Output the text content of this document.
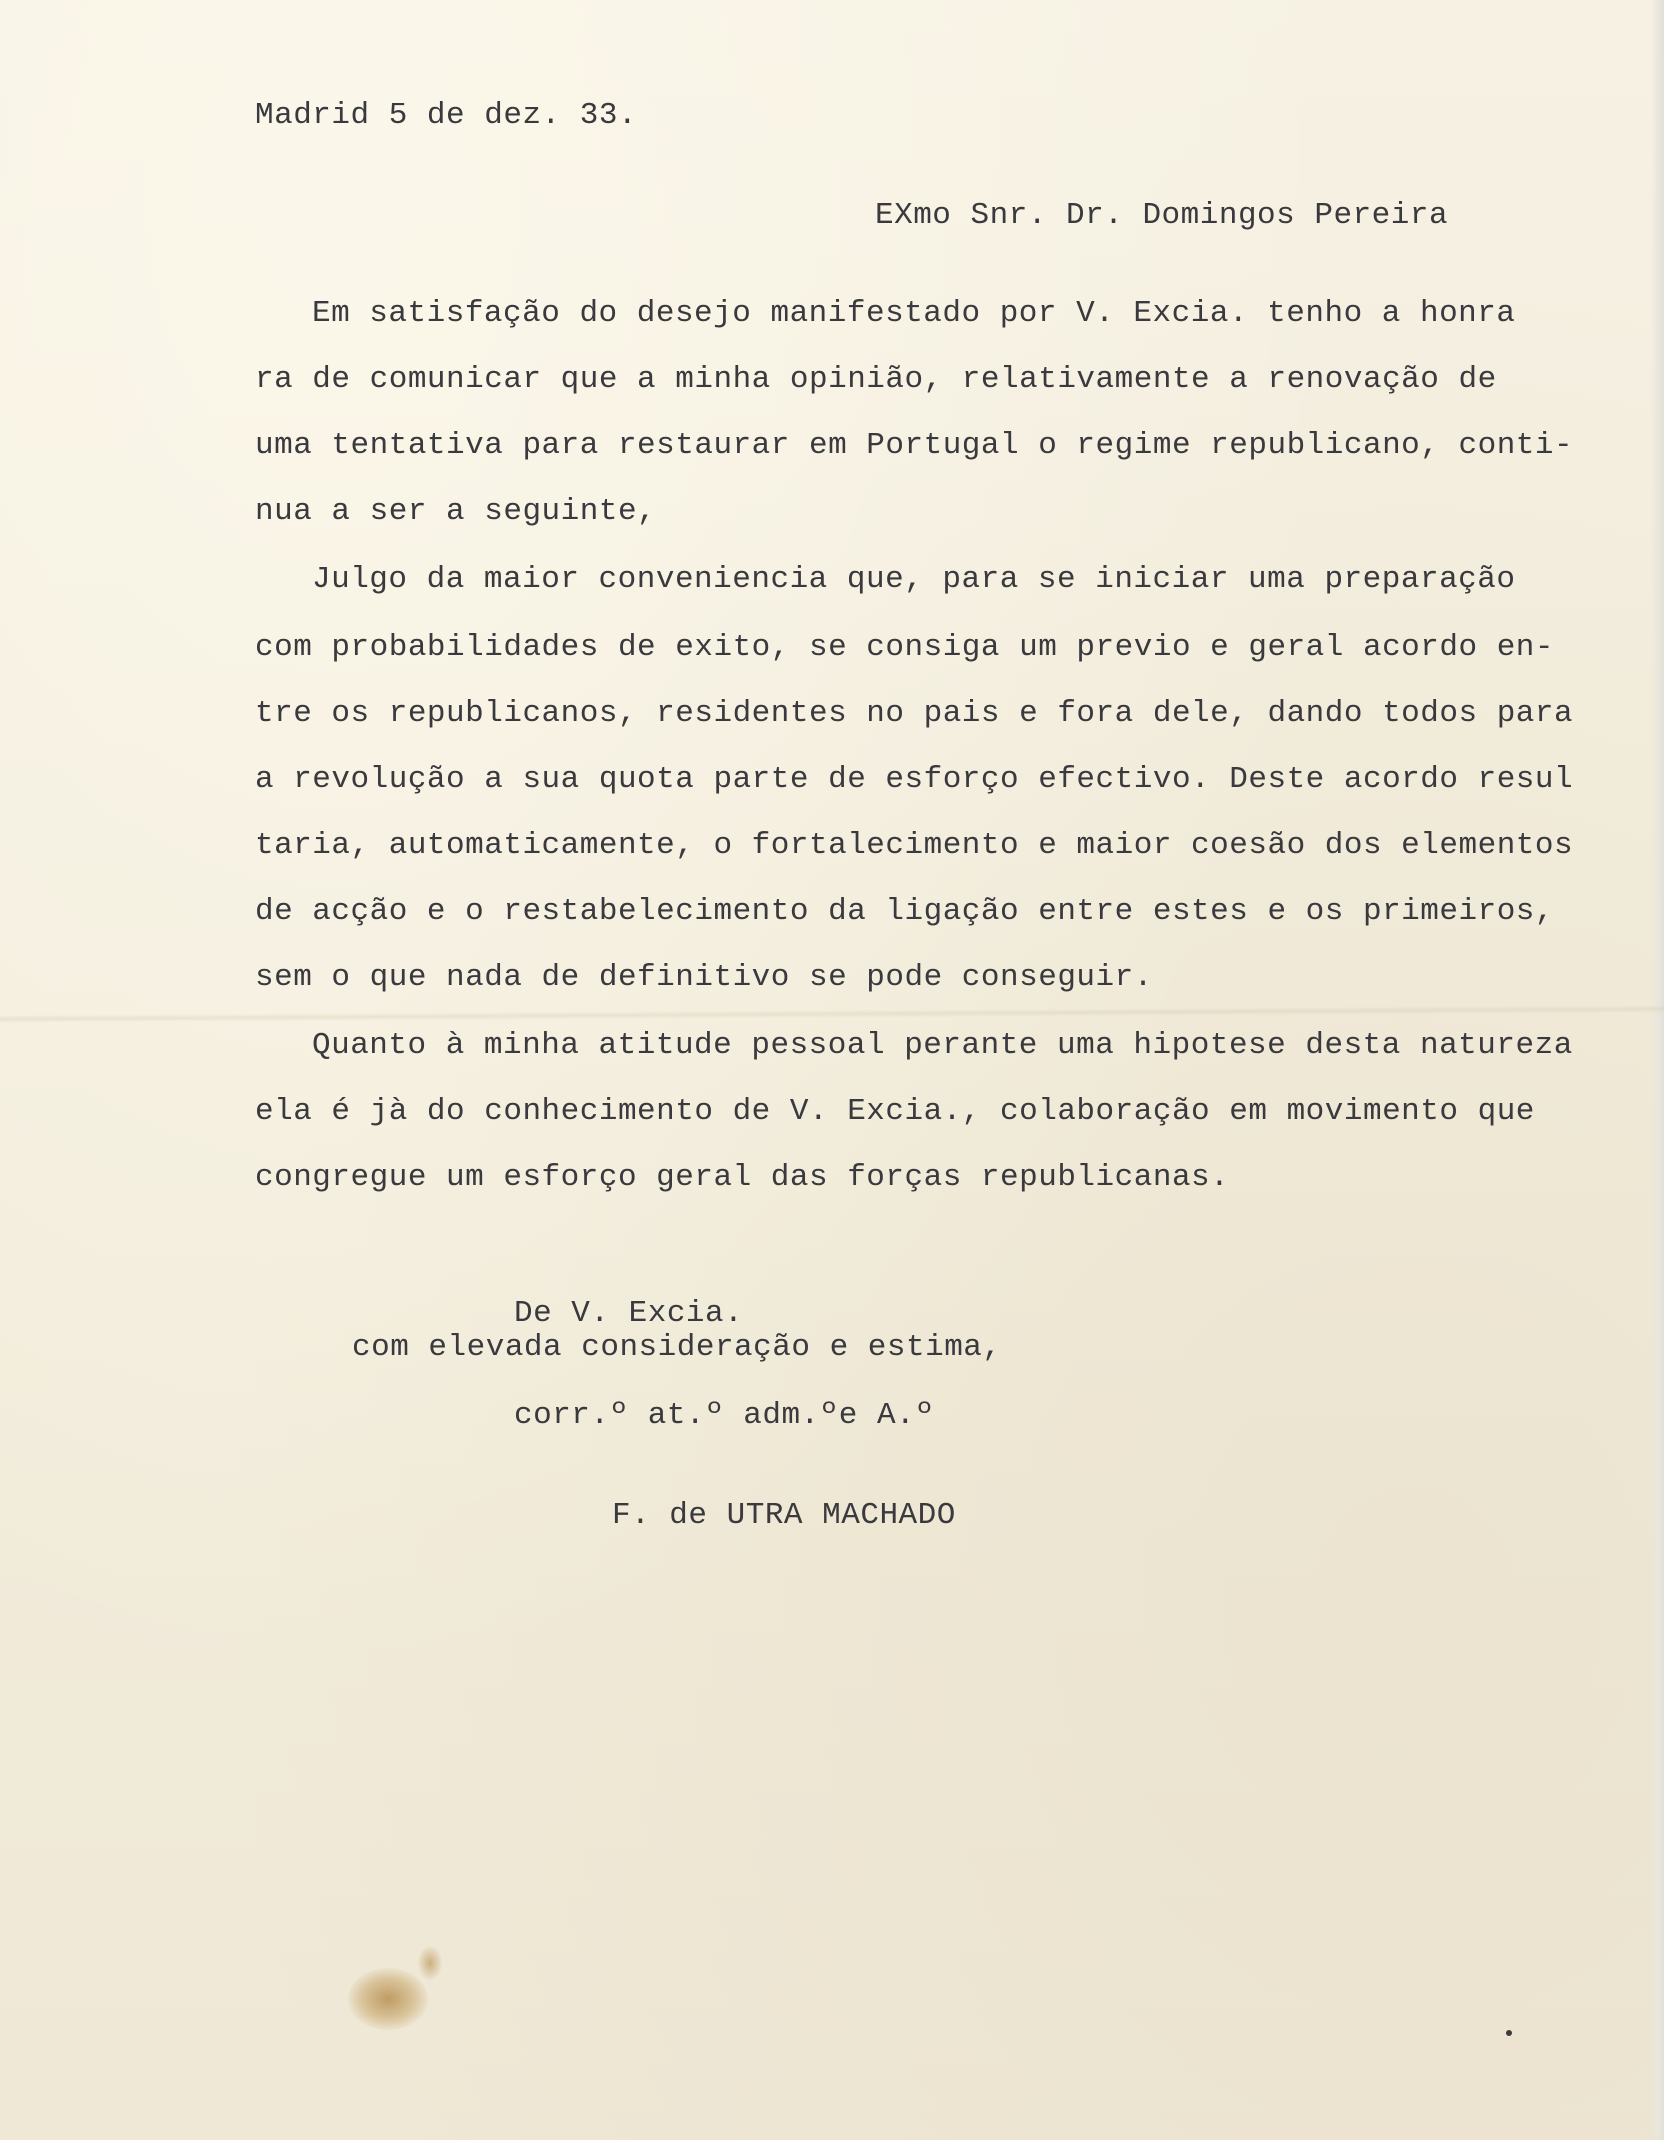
Madrid 5 de dez. 33.
EXmo Snr. Dr. Domingos Pereira
Em satisfação do desejo manifestado por V. Excia. tenho a honra
ra de comunicar que a minha opinião, relativamente a renovação de
uma tentativa para restaurar em Portugal o regime republicano, conti-
nua a ser a seguinte,
Julgo da maior conveniencia que, para se iniciar uma preparação
com probabilidades de exito, se consiga um previo e geral acordo en-
tre os republicanos, residentes no pais e fora dele, dando todos para
a revolução a sua quota parte de esforço efectivo. Deste acordo resul
taria, automaticamente, o fortalecimento e maior coesão dos elementos
de acção e o restabelecimento da ligação entre estes e os primeiros,
sem o que nada de definitivo se pode conseguir.
Quanto à minha atitude pessoal perante uma hipotese desta natureza
ela é jà do conhecimento de V. Excia., colaboração em movimento que
congregue um esforço geral das forças republicanas.
De V. Excia.
com elevada consideração e estima,
corr.º at.º adm.ºe A.º
F. de UTRA MACHADO
